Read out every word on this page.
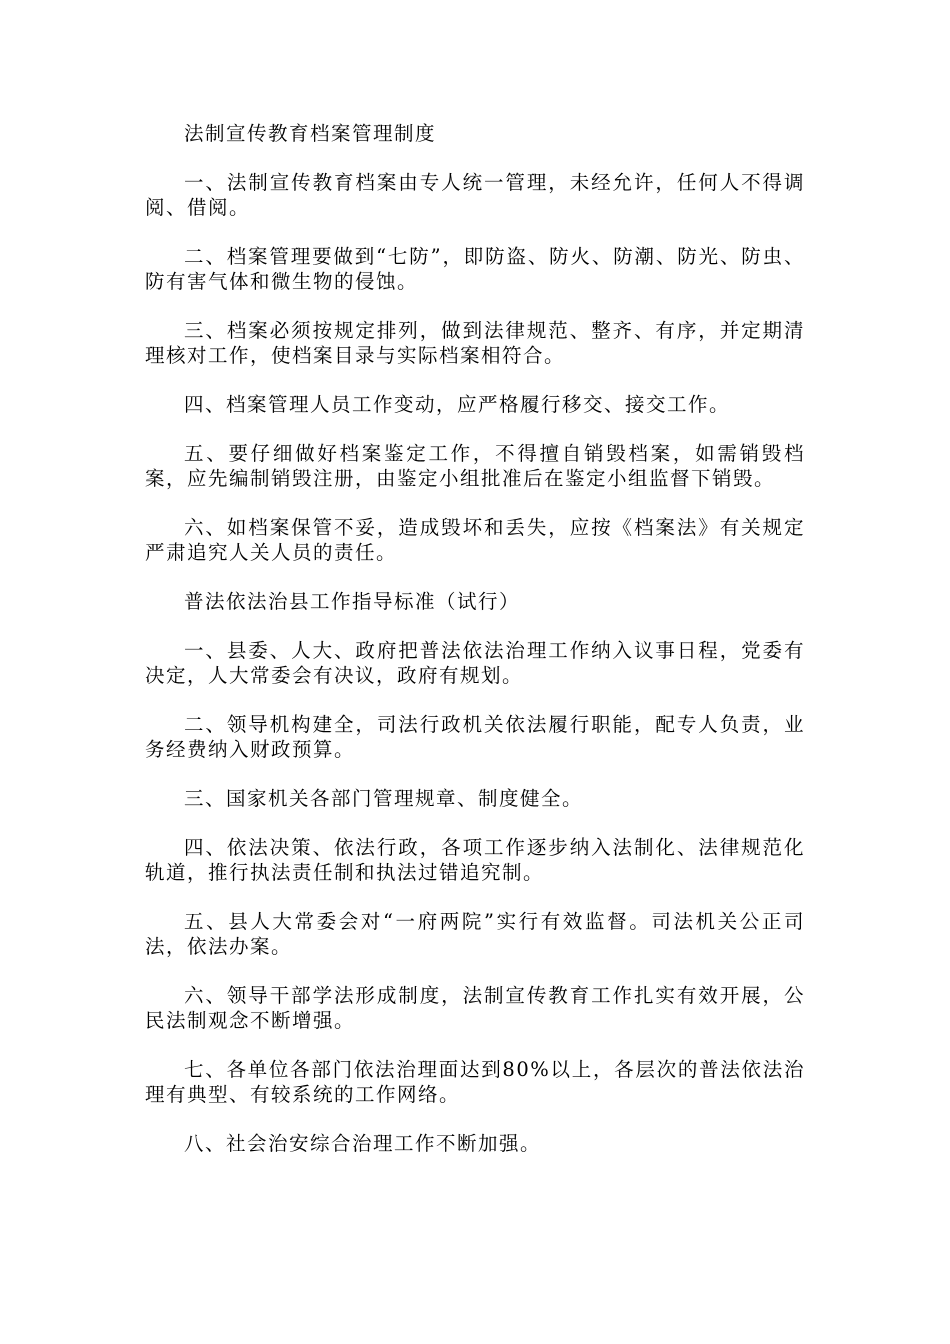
法制宣传教育档案管理制度

一、法制宣传教育档案由专人统一管理，未经允许，任何人不得调阅、借阅。

二、档案管理要做到“七防”，即防盗、防火、防潮、防光、防虫、防有害气体和微生物的侵蚀。

三、档案必须按规定排列，做到法律规范、整齐、有序，并定期清理核对工作，使档案目录与实际档案相符合。

四、档案管理人员工作变动，应严格履行移交、接交工作。

五、要仔细做好档案鉴定工作，不得擅自销毁档案，如需销毁档案，应先编制销毁注册，由鉴定小组批准后在鉴定小组监督下销毁。

六、如档案保管不妥，造成毁坏和丢失，应按《档案法》有关规定严肃追究人关人员的责任。

普法依法治县工作指导标准（试行）

一、县委、人大、政府把普法依法治理工作纳入议事日程，党委有决定，人大常委会有决议，政府有规划。

二、领导机构建全，司法行政机关依法履行职能，配专人负责，业务经费纳入财政预算。

三、国家机关各部门管理规章、制度健全。

四、依法决策、依法行政，各项工作逐步纳入法制化、法律规范化轨道，推行执法责任制和执法过错追究制。

五、县人大常委会对“一府两院”实行有效监督。司法机关公正司法，依法办案。

六、领导干部学法形成制度，法制宣传教育工作扎实有效开展，公民法制观念不断增强。

七、各单位各部门依法治理面达到80%以上，各层次的普法依法治理有典型、有较系统的工作网络。

八、社会治安综合治理工作不断加强。
